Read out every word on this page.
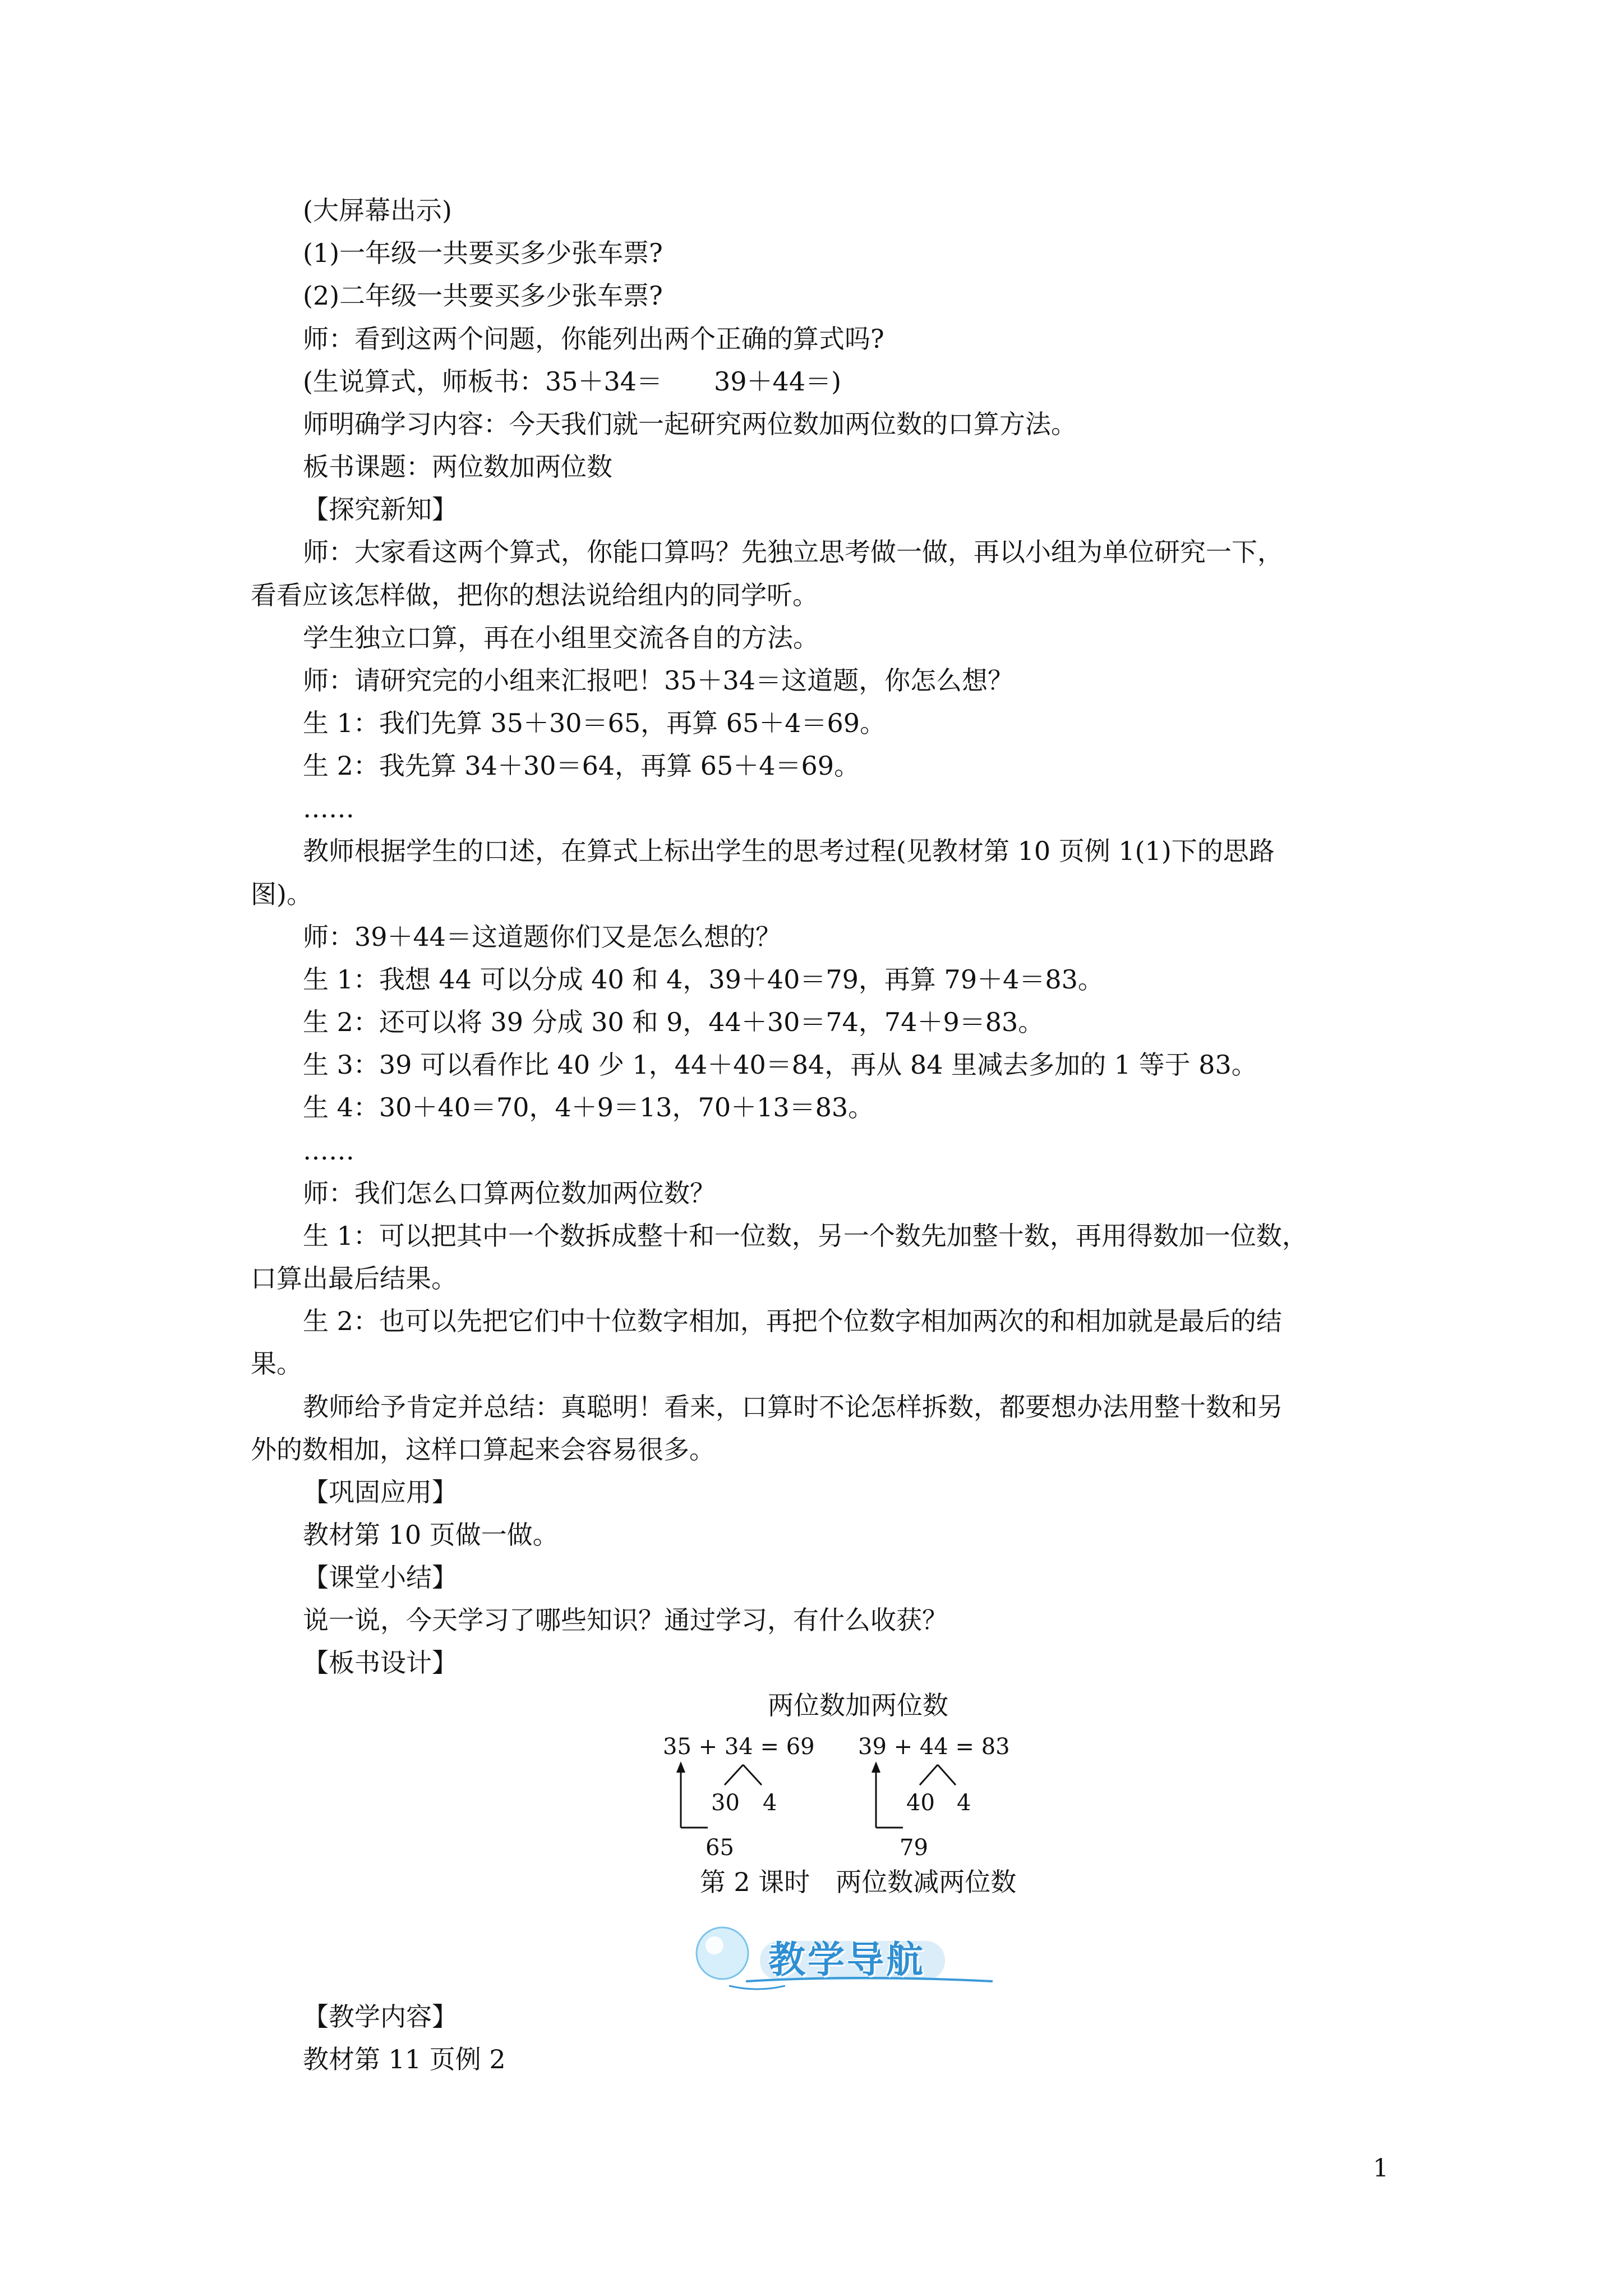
(大屏幕出示)
(1)一年级一共要买多少张车票?
(2)二年级一共要买多少张车票?
师：看到这两个问题，你能列出两个正确的算式吗?
(生说算式，师板书：35＋34＝　　39＋44＝)
师明确学习内容：今天我们就一起研究两位数加两位数的口算方法。
板书课题：两位数加两位数
【探究新知】
师：大家看这两个算式，你能口算吗？先独立思考做一做，再以小组为单位研究一下，
看看应该怎样做，把你的想法说给组内的同学听。
学生独立口算，再在小组里交流各自的方法。
师：请研究完的小组来汇报吧！35＋34＝这道题，你怎么想？
生 1：我们先算 35＋30＝65，再算 65＋4＝69。
生 2：我先算 34＋30＝64，再算 65＋4＝69。
……
教师根据学生的口述，在算式上标出学生的思考过程(见教材第 10 页例 1(1)下的思路
图)。
师：39＋44＝这道题你们又是怎么想的？
生 1：我想 44 可以分成 40 和 4，39＋40＝79，再算 79＋4＝83。
生 2：还可以将 39 分成 30 和 9，44＋30＝74，74＋9＝83。
生 3：39 可以看作比 40 少 1，44＋40＝84，再从 84 里减去多加的 1 等于 83。
生 4：30＋40＝70，4＋9＝13，70＋13＝83。
……
师：我们怎么口算两位数加两位数？
生 1：可以把其中一个数拆成整十和一位数，另一个数先加整十数，再用得数加一位数，
口算出最后结果。
生 2：也可以先把它们中十位数字相加，再把个位数字相加两次的和相加就是最后的结
果。
教师给予肯定并总结：真聪明！看来，口算时不论怎样拆数，都要想办法用整十数和另
外的数相加，这样口算起来会容易很多。
【巩固应用】
教材第 10 页做一做。
【课堂小结】
说一说，今天学习了哪些知识？通过学习，有什么收获？
【板书设计】
两位数加两位数
35 + 34 = 69
30 4
65
39 + 44 = 83
40 4
79
第 2 课时　两位数减两位数
教学导航
【教学内容】
教材第 11 页例 2
1
